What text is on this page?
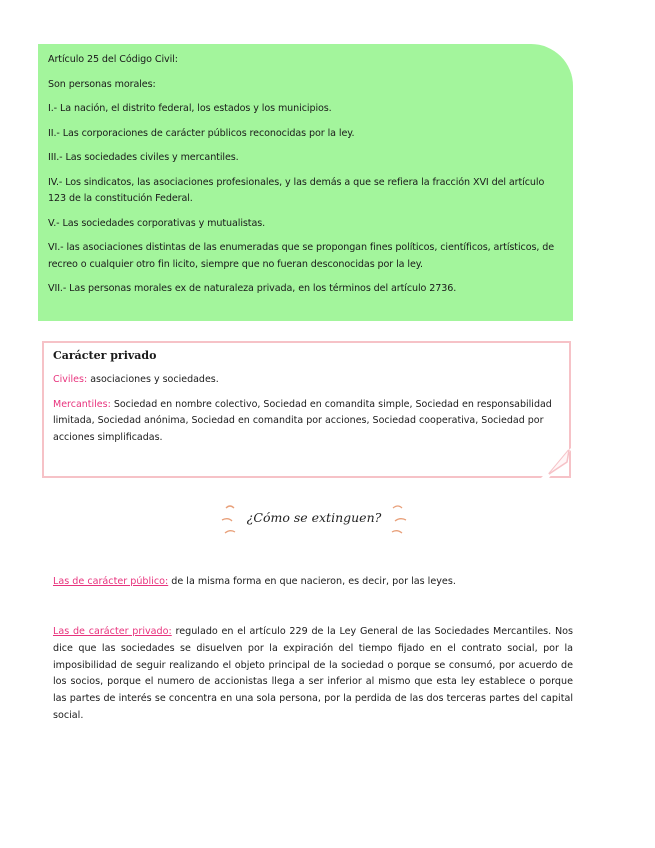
Artículo 25 del Código Civil:

Son personas morales:

I.- La nación, el distrito federal, los estados y los municipios.

II.- Las corporaciones de carácter públicos reconocidas por la ley.

III.- Las sociedades civiles y mercantiles.

IV.- Los sindicatos, las asociaciones profesionales, y las demás a que se refiera la fracción XVI del artículo 123 de la constitución Federal.

V.- Las sociedades corporativas y mutualistas.

VI.- las asociaciones distintas de las enumeradas que se propongan fines políticos, científicos, artísticos, de recreo o cualquier otro fin licito, siempre que no fueran desconocidas por la ley.

VII.- Las personas morales ex de naturaleza privada, en los términos del artículo 2736.

Carácter privado

Civiles: asociaciones y sociedades.

Mercantiles: Sociedad en nombre colectivo, Sociedad en comandita simple, Sociedad en responsabilidad limitada, Sociedad anónima, Sociedad en comandita por acciones, Sociedad cooperativa, Sociedad por acciones simplificadas.

¿Cómo se extinguen?

Las de carácter público: de la misma forma en que nacieron, es decir, por las leyes.

Las de carácter privado: regulado en el artículo 229 de la Ley General de las Sociedades Mercantiles. Nos dice que las sociedades se disuelven por la expiración del tiempo fijado en el contrato social, por la imposibilidad de seguir realizando el objeto principal de la sociedad o porque se consumó, por acuerdo de los socios, porque el numero de accionistas llega a ser inferior al mismo que esta ley establece o porque las partes de interés se concentra en una sola persona, por la perdida de las dos terceras partes del capital social.
